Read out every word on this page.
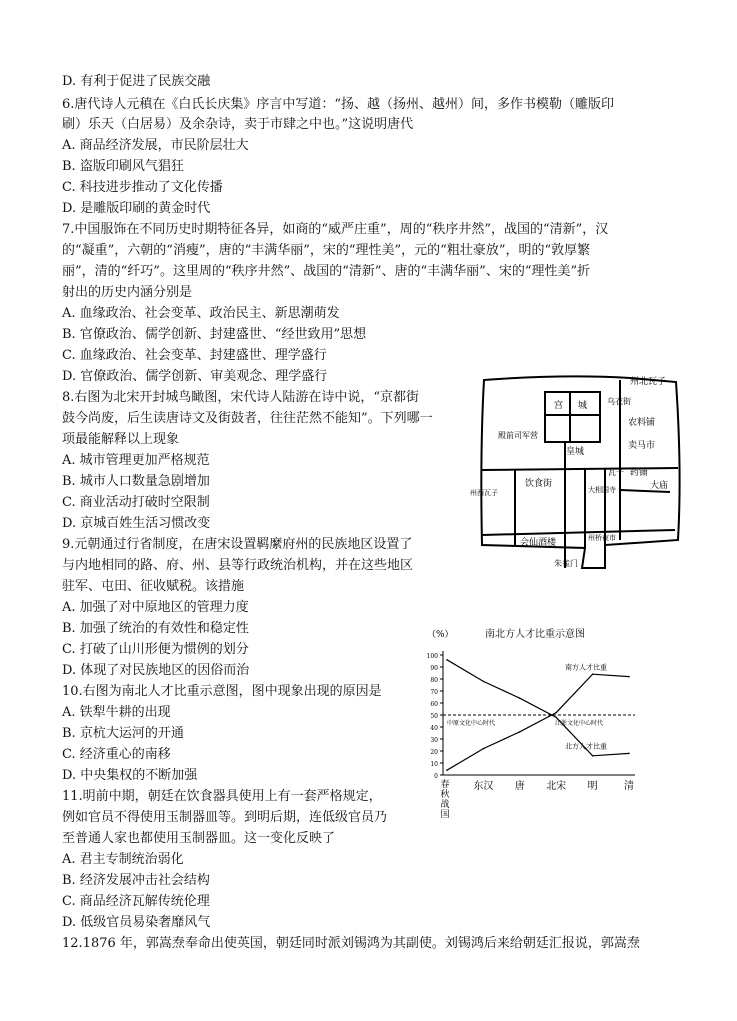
D. 有利于促进了民族交融
6.唐代诗人元稹在《白氏长庆集》序言中写道：“扬、越（扬州、越州）间，多作书模勒（雕版印
刷）乐天（白居易）及余杂诗，卖于市肆之中也。”这说明唐代
A. 商品经济发展，市民阶层壮大
B. 盗版印刷风气猖狂
C. 科技进步推动了文化传播
D. 是雕版印刷的黄金时代
7.中国服饰在不同历史时期特征各异，如商的“威严庄重”，周的“秩序井然”，战国的“清新”，汉
的“凝重”，六朝的“消瘦”，唐的“丰满华丽”，宋的“理性美”，元的“粗壮豪放”，明的“敦厚繁
丽”，清的“纤巧”。这里周的“秩序井然”、战国的“清新”、唐的“丰满华丽”、宋的“理性美”折
射出的历史内涵分别是
A. 血缘政治、社会变革、政治民主、新思潮萌发
B. 官僚政治、儒学创新、封建盛世、“经世致用”思想
C. 血缘政治、社会变革、封建盛世、理学盛行
D. 官僚政治、儒学创新、审美观念、理学盛行
8.右图为北宋开封城鸟瞰图，宋代诗人陆游在诗中说，“京都街
鼓今尚废，后生读唐诗文及街鼓者，往往茫然不能知”。下列哪一
项最能解释以上现象
A. 城市管理更加严格规范
B. 城市人口数量急剧增加
C. 商业活动打破时空限制
D. 京城百姓生活习惯改变
9.元朝通过行省制度，在唐宋设置羁縻府州的民族地区设置了
与内地相同的路、府、州、县等行政统治机构，并在这些地区
驻军、屯田、征收赋税。该措施
A. 加强了对中原地区的管理力度
B. 加强了统治的有效性和稳定性
C. 打破了山川形便为惯例的划分
D. 体现了对民族地区的因俗而治
10.右图为南北人才比重示意图，图中现象出现的原因是
A. 铁犁牛耕的出现
B. 京杭大运河的开通
C. 经济重心的南移
D. 中央集权的不断加强
11.明前中期，朝廷在饮食器具使用上有一套严格规定，
例如官员不得使用玉制器皿等。到明后期，连低级官员乃
至普通人家也都使用玉制器皿。这一变化反映了
A. 君主专制统治弱化
B. 经济发展冲击社会结构
C. 商品经济瓦解传统伦理
D. 低级官员易染奢靡风气
12.1876 年，郭嵩焘奉命出使英国，朝廷同时派刘锡鸿为其副使。刘锡鸿后来给朝廷汇报说，郭嵩焘
州北瓦子
宫 城 乌衣街
农料铺
殿前司军营
皇城
卖马市
药铺
州西瓦子
饮食街
大相国寺
瓦子
大庙
会仙酒楼	州桥夜市
朱雀门
（%）	南北方人才比重示意图
0
10
20
30
40
50
60
70
80
90
100
中原文化中心时代	江浙文化中心时代
南方人才比重
北方人才比重
春
秋
战
国
东汉 唐 北宋 明	清
